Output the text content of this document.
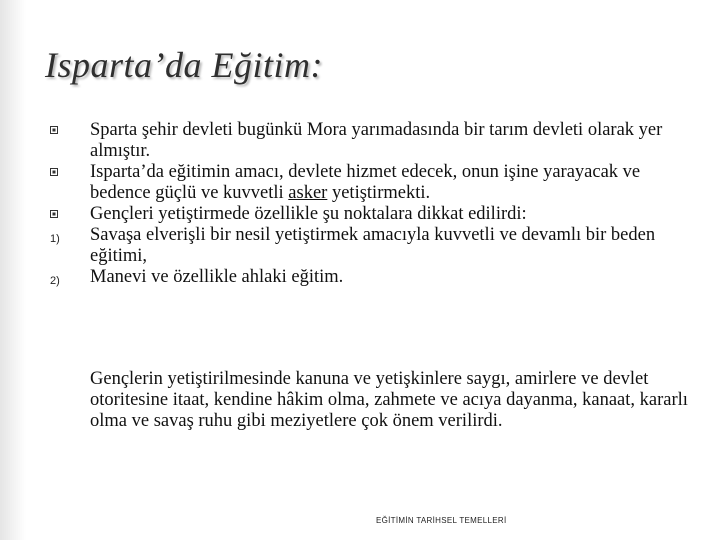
Isparta’da Eğitim:
Sparta şehir devleti bugünkü Mora yarımadasında bir tarım devleti olarak yer almıştır.
Isparta’da eğitimin amacı, devlete hizmet edecek, onun işine yarayacak ve bedence güçlü ve kuvvetli asker yetiştirmekti.
Gençleri yetiştirmede özellikle şu noktalara dikkat edilirdi:
1)	Savaşa elverişli bir nesil yetiştirmek amacıyla kuvvetli ve devamlı bir beden eğitimi,
2)	Manevi ve özellikle ahlaki eğitim.
Gençlerin yetiştirilmesinde kanuna ve yetişkinlere saygı, amirlere ve devlet otoritesine itaat, kendine hâkim olma, zahmete ve acıya dayanma, kanaat, kararlı olma ve savaş ruhu gibi meziyetlere çok önem verilirdi.
EĞİTİMİN TARİHSEL TEMELLERİ
